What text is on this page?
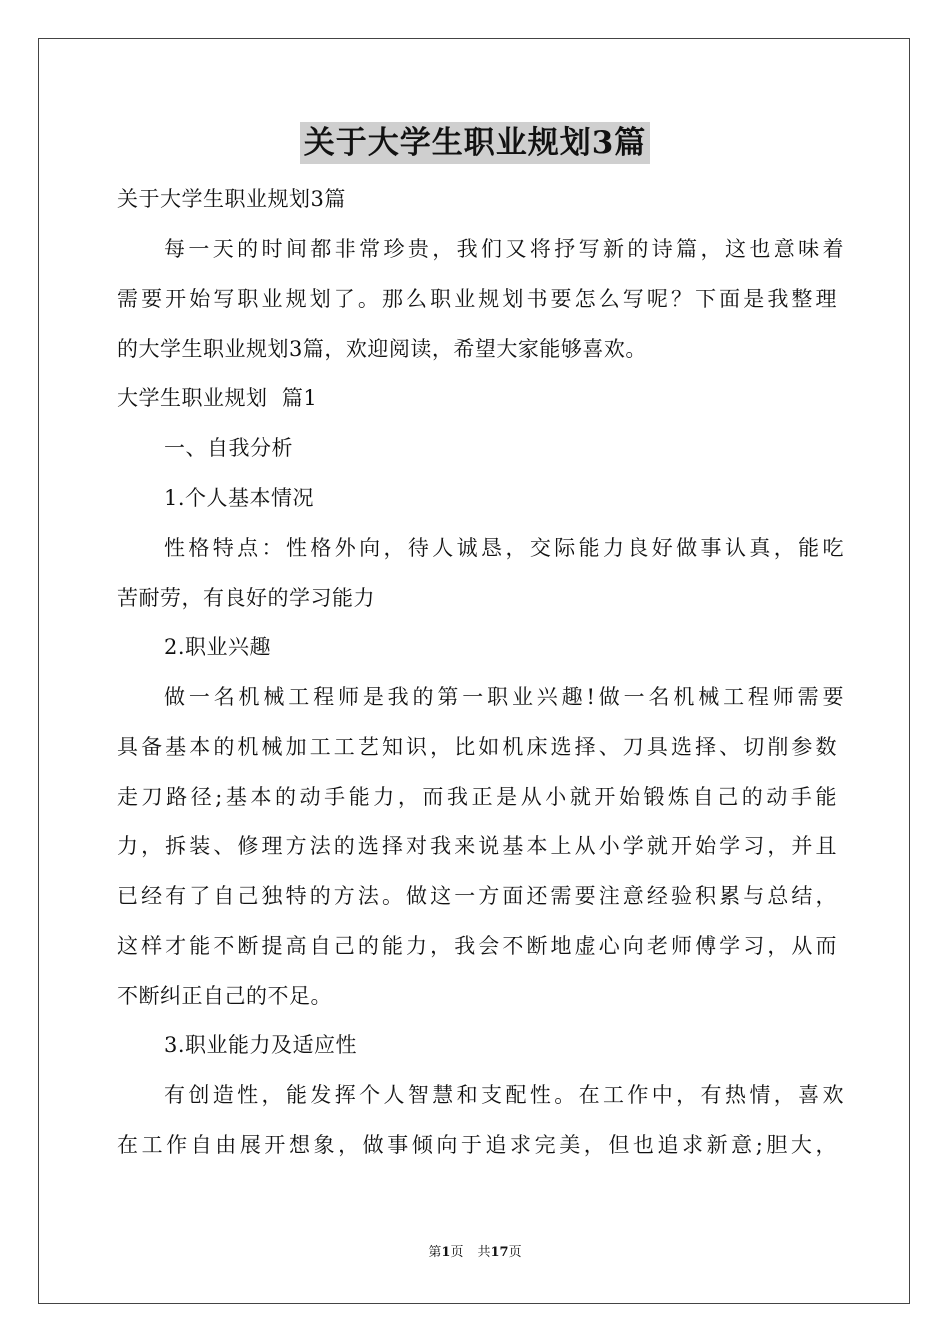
关于大学生职业规划3篇
关于大学生职业规划3篇
每一天的时间都非常珍贵，我们又将抒写新的诗篇，这也意味着
需要开始写职业规划了。那么职业规划书要怎么写呢？下面是我整理
的大学生职业规划3篇，欢迎阅读，希望大家能够喜欢。
大学生职业规划  篇1
一、自我分析
1.个人基本情况
性格特点：性格外向，待人诚恳，交际能力良好做事认真，能吃
苦耐劳，有良好的学习能力
2.职业兴趣
做一名机械工程师是我的第一职业兴趣!做一名机械工程师需要
具备基本的机械加工工艺知识，比如机床选择、刀具选择、切削参数
走刀路径;基本的动手能力，而我正是从小就开始锻炼自己的动手能
力，拆装、修理方法的选择对我来说基本上从小学就开始学习，并且
已经有了自己独特的方法。做这一方面还需要注意经验积累与总结，
这样才能不断提高自己的能力，我会不断地虚心向老师傅学习，从而
不断纠正自己的不足。
3.职业能力及适应性
有创造性，能发挥个人智慧和支配性。在工作中，有热情，喜欢
在工作自由展开想象，做事倾向于追求完美，但也追求新意;胆大，
第1页 共17页
